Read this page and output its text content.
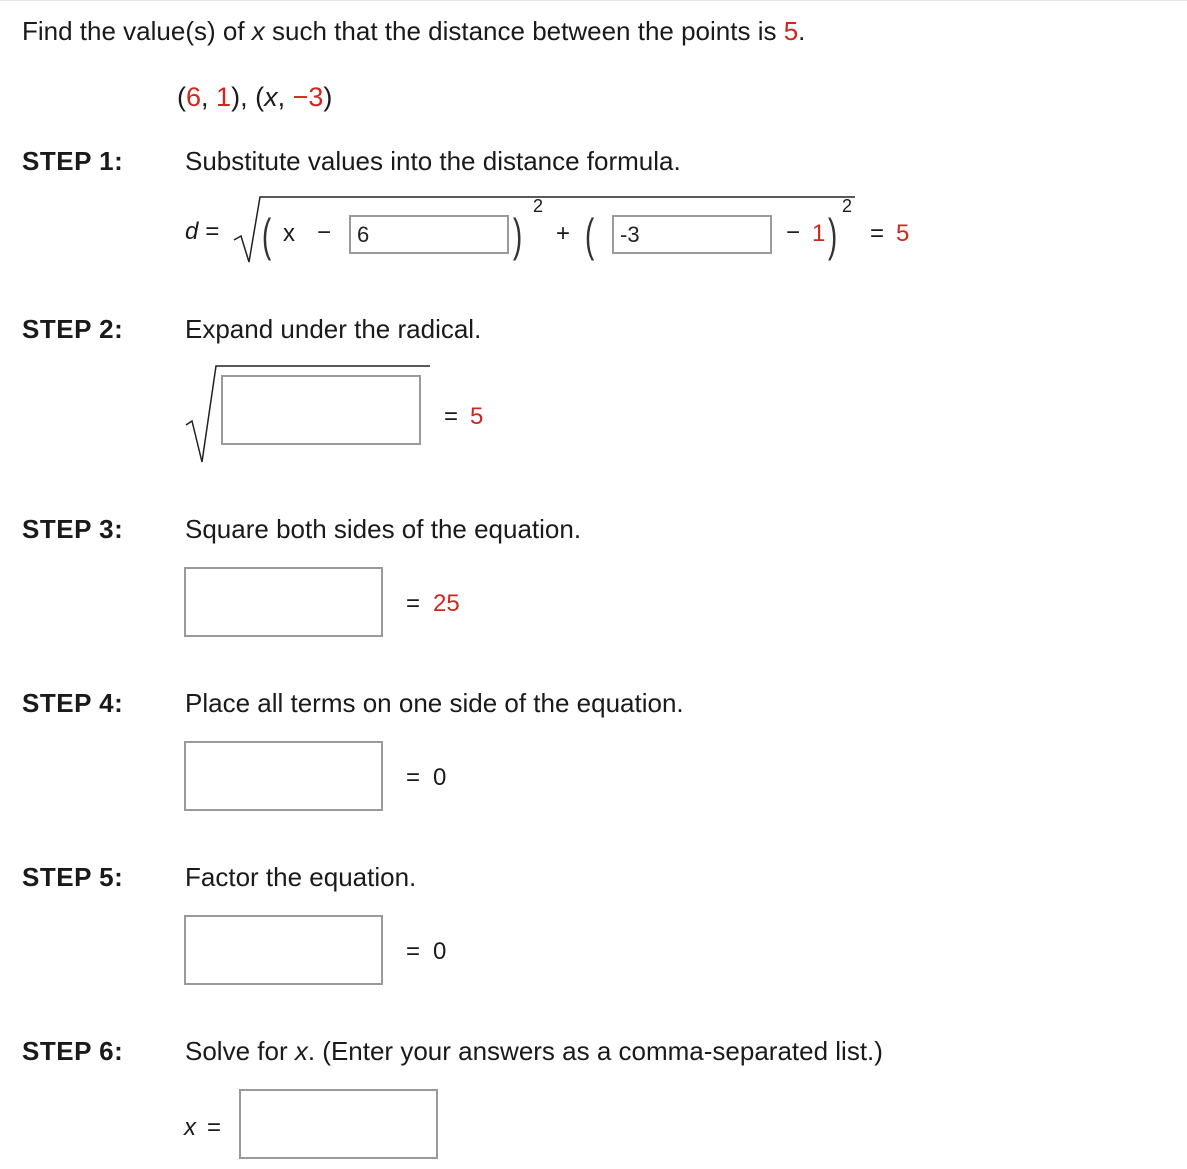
Find the value(s) of x such that the distance between the points is 5.
(6, 1), (x, −3)
STEP 1: Substitute values into the distance formula.
d = ( x −
6	)
2
+ (
-3	− 1 )
2
= 5
STEP 2: Expand under the radical.
= 5
STEP 3: Square both sides of the equation.
= 25
STEP 4: Place all terms on one side of the equation.
= 0
STEP 5: Factor the equation.
= 0
STEP 6: Solve for x. (Enter your answers as a comma-separated list.)
x =
